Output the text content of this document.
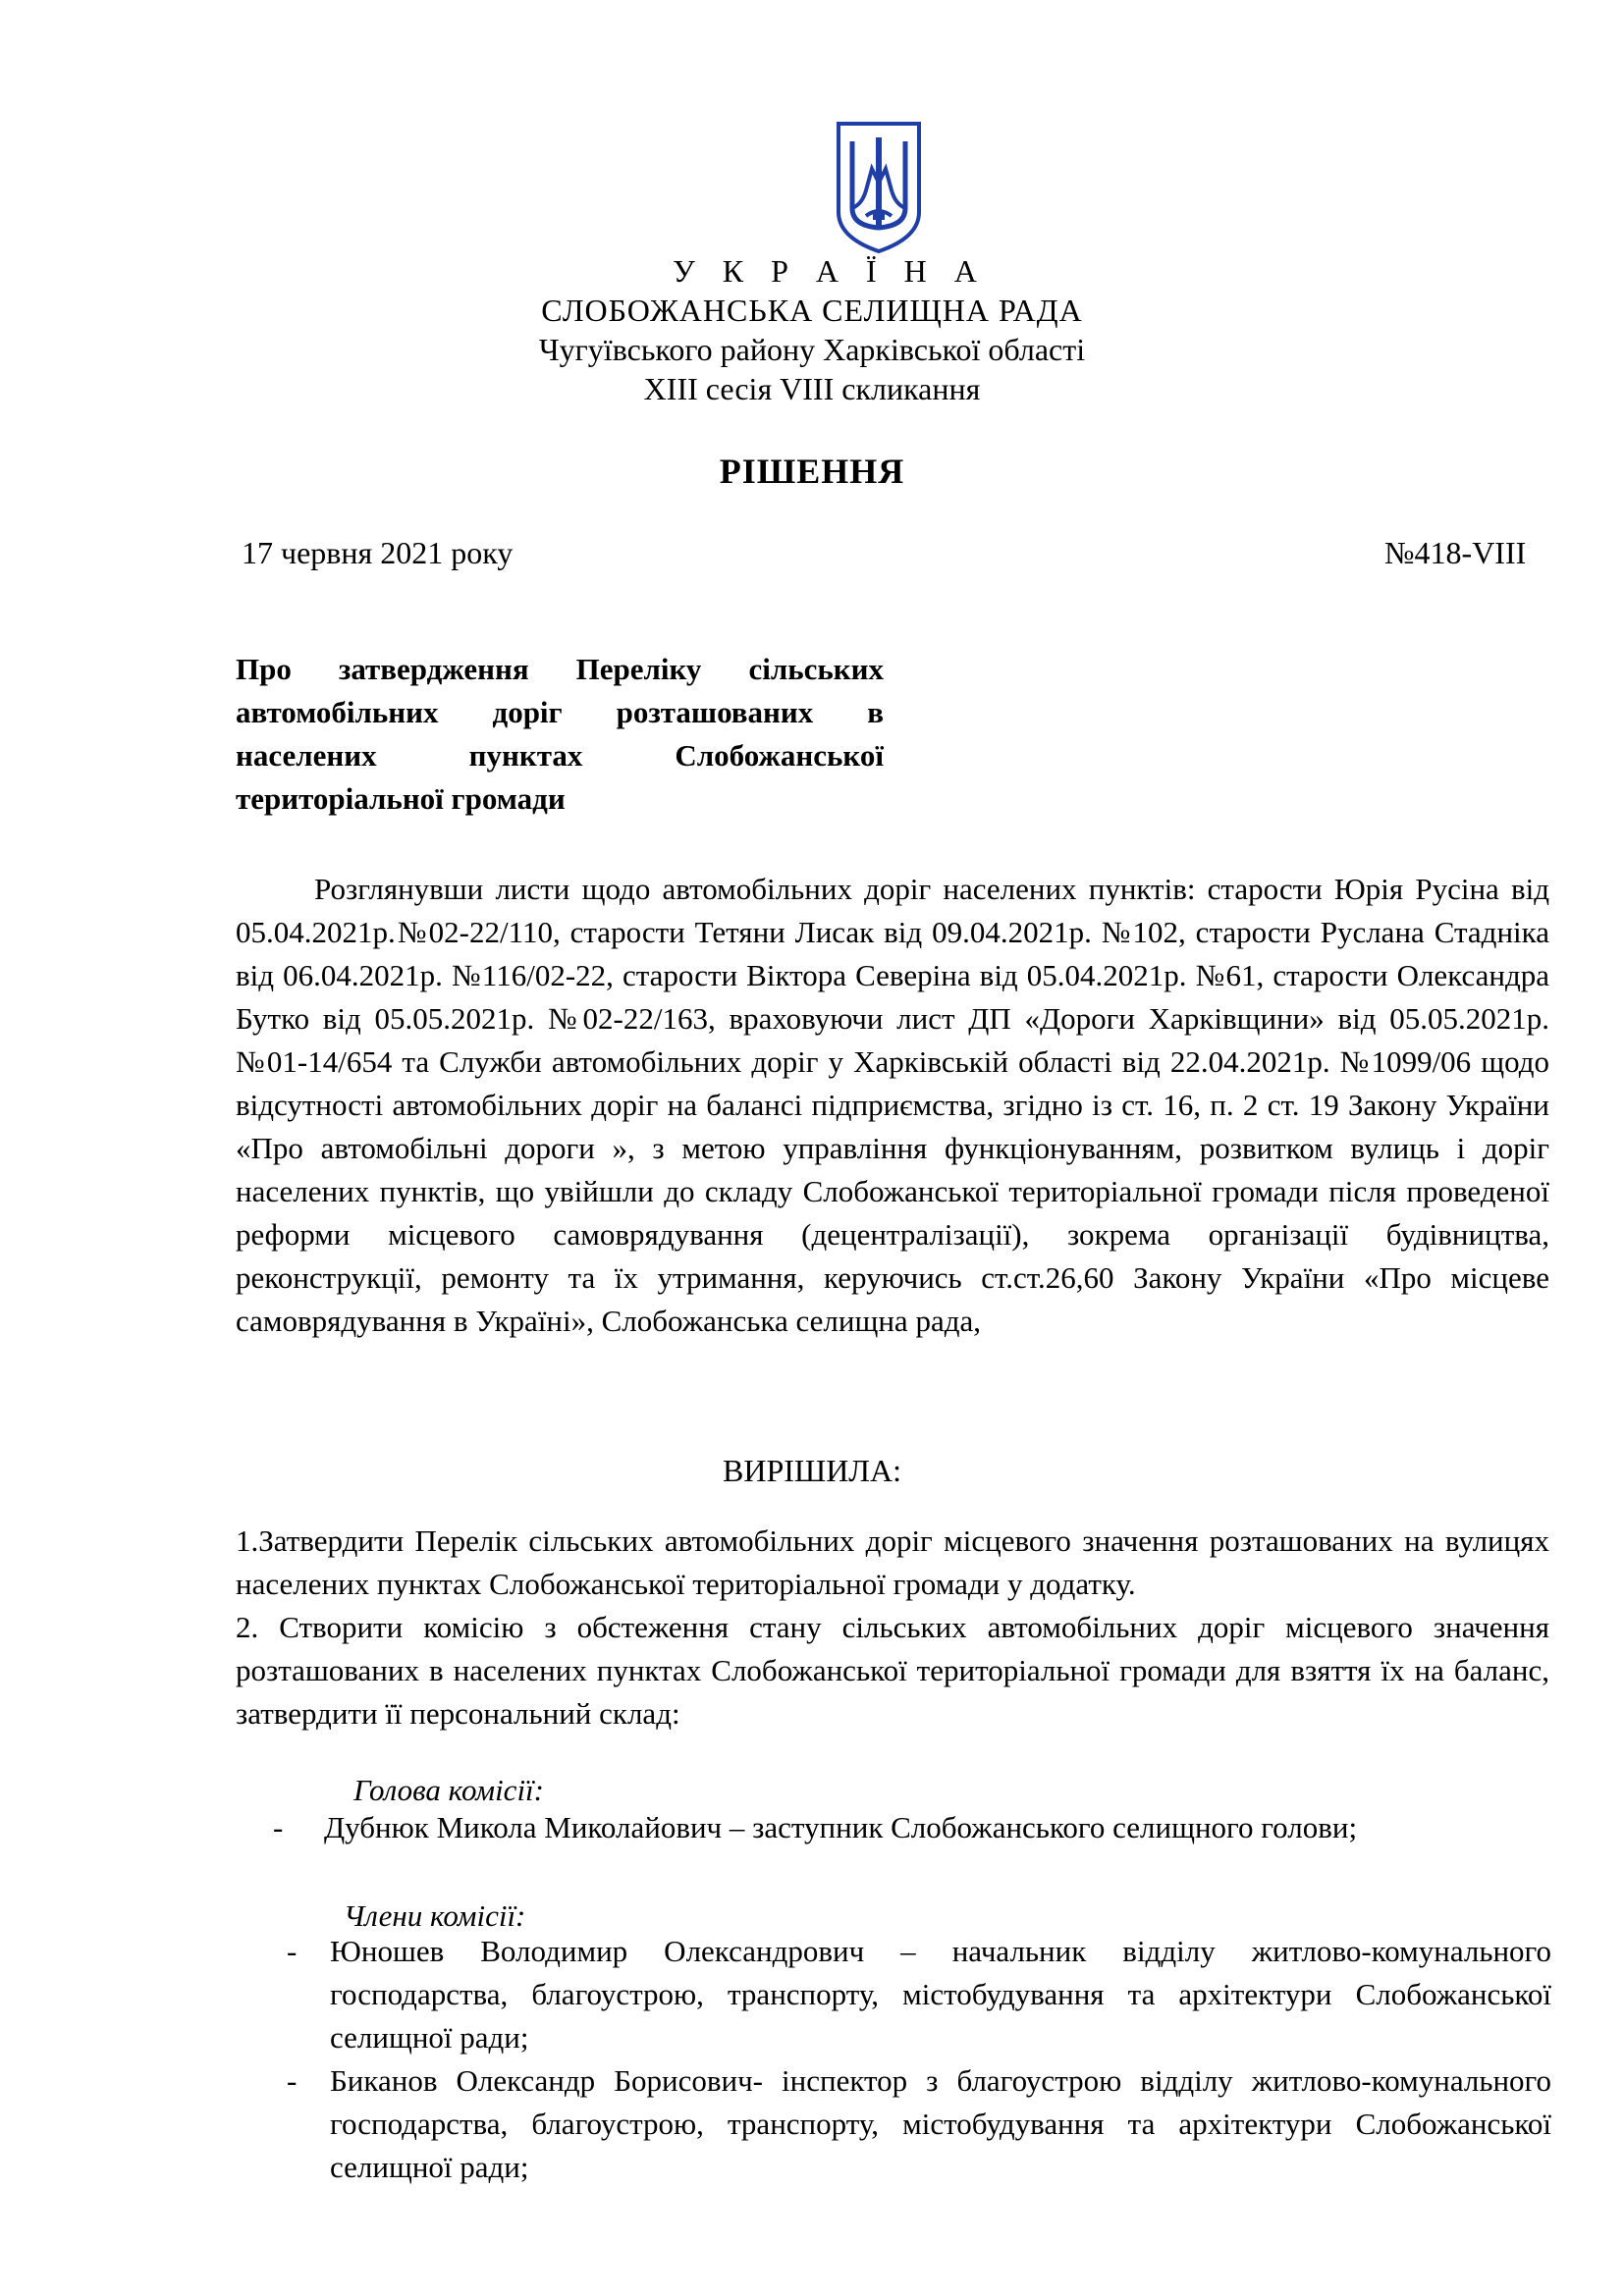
У К Р А Ї Н А
СЛОБОЖАНСЬКА СЕЛИЩНА РАДА
Чугуївського району Харківської області
XIII сесія VIII скликання
РІШЕННЯ
17 червня 2021 року	№418-VIII
Про затвердження Переліку сільських
автомобільних доріг розташованих в
населених пунктах Слобожанської
територіальної громади
Розглянувши листи щодо автомобільних доріг населених пунктів: старости Юрія Русіна від 05.04.2021р.№02-22/110, старости Тетяни Лисак від 09.04.2021р. №102, старости Руслана Стадніка від 06.04.2021р. №116/02-22, старости Віктора Северіна від 05.04.2021р. №61, старости Олександра Бутко від 05.05.2021р. №02-22/163, враховуючи лист ДП «Дороги Харківщини» від 05.05.2021р. №01-14/654 та Служби автомобільних доріг у Харківській області від 22.04.2021р. №1099/06 щодо відсутності автомобільних доріг на балансі підприємства, згідно із ст. 16, п. 2 ст. 19 Закону України «Про автомобільні дороги », з метою управління функціонуванням, розвитком вулиць і доріг населених пунктів, що увійшли до складу Слобожанської територіальної громади після проведеної реформи місцевого самоврядування (децентралізації), зокрема організації будівництва, реконструкції, ремонту та їх утримання, керуючись ст.ст.26,60 Закону України «Про місцеве самоврядування в Україні», Слобожанська селищна рада,
ВИРІШИЛА:
1.Затвердити Перелік сільських автомобільних доріг місцевого значення розташованих на вулицях населених пунктах Слобожанської територіальної громади у додатку.
2. Створити комісію з обстеження стану сільських автомобільних доріг місцевого значення розташованих в населених пунктах Слобожанської територіальної громади для взяття їх на баланс, затвердити її персональний склад:
Голова комісії:
- Дубнюк Микола Миколайович – заступник Слобожанського селищного голови;
Члени комісії:
- Юношев Володимир Олександрович – начальник відділу житлово-комунального господарства, благоустрою, транспорту, містобудування та архітектури Слобожанської селищної ради;
- Биканов Олександр Борисович- інспектор з благоустрою відділу житлово-комунального господарства, благоустрою, транспорту, містобудування та архітектури Слобожанської селищної ради;
